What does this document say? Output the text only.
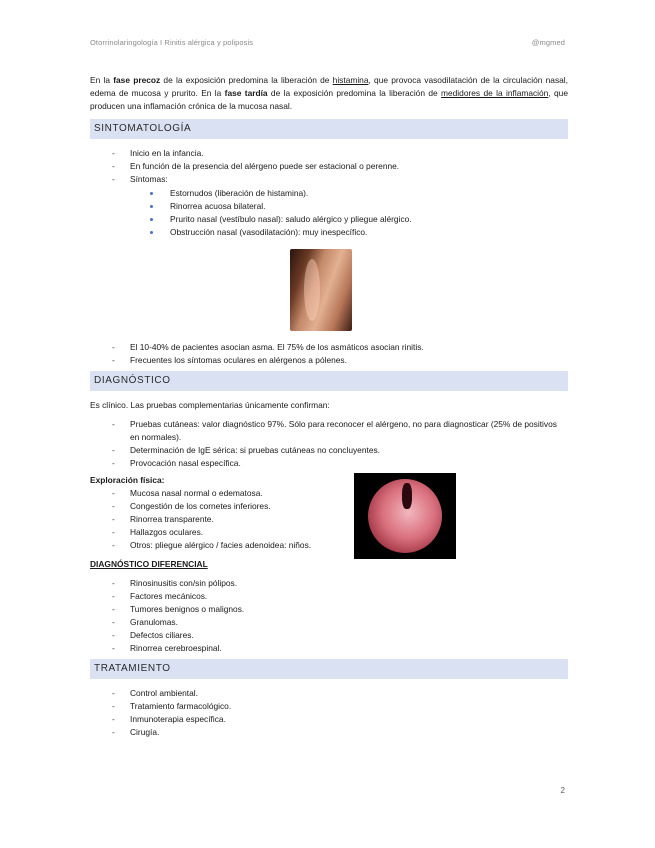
Otorrinolaringología I Rinitis alérgica y poliposis	@mgmed

En la fase precoz de la exposición predomina la liberación de histamina, que provoca vasodilatación de la circulación nasal, edema de mucosa y prurito. En la fase tardía de la exposición predomina la liberación de medidores de la inflamación, que producen una inflamación crónica de la mucosa nasal.

SINTOMATOLOGÍA
- Inicio en la infancia.
- En función de la presencia del alérgeno puede ser estacional o perenne.
- Síntomas:
Estornudos (liberación de histamina).
Rinorrea acuosa bilateral.
Prurito nasal (vestíbulo nasal): saludo alérgico y pliegue alérgico.
Obstrucción nasal (vasodilatación): muy inespecífico.
- El 10-40% de pacientes asocian asma. El 75% de los asmáticos asocian rinitis.
- Frecuentes los síntomas oculares en alérgenos a pólenes.
DIAGNÓSTICO
Es clínico. Las pruebas complementarias únicamente confirman:
- Pruebas cutáneas: valor diagnóstico 97%. Sólo para reconocer el alérgeno, no para diagnosticar (25% de positivos en normales).
- Determinación de IgE sérica: si pruebas cutáneas no concluyentes.
- Provocación nasal específica.
Exploración física:
- Mucosa nasal normal o edematosa.
- Congestión de los cornetes inferiores.
- Rinorrea transparente.
- Hallazgos oculares.
- Otros: pliegue alérgico / facies adenoidea: niños.
DIAGNÓSTICO DIFERENCIAL
- Rinosinusitis con/sin pólipos.
- Factores mecánicos.
- Tumores benignos o malignos.
- Granulomas.
- Defectos ciliares.
- Rinorrea cerebroespinal.
TRATAMIENTO
- Control ambiental.
- Tratamiento farmacológico.
- Inmunoterapia específica.
- Cirugía.
2
